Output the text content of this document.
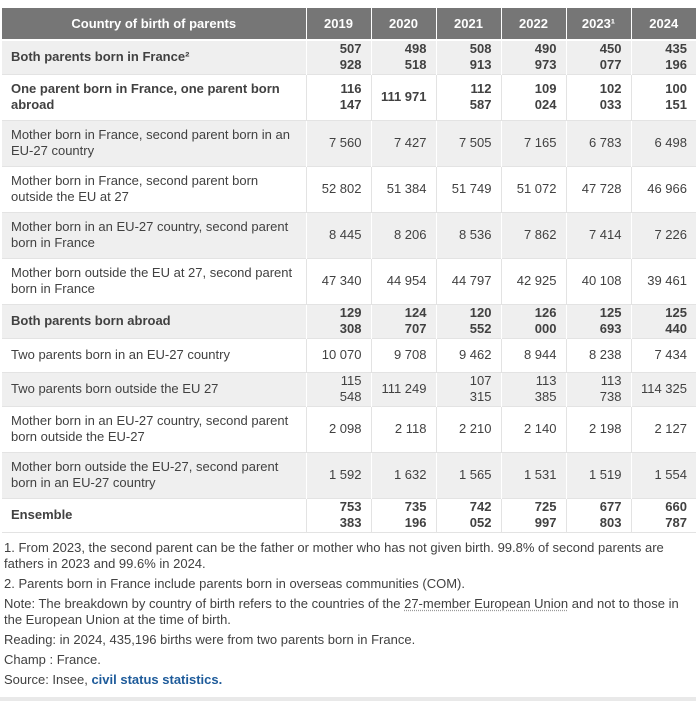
Country of birth of parents	2019	2020	2021	2022	2023¹	2024
Both parents born in France²	507 928	498 518	508 913	490 973	450 077	435 196
One parent born in France, one parent born abroad	116 147	111 971	112 587	109 024	102 033	100 151
Mother born in France, second parent born in an EU-27 country	7 560	7 427	7 505	7 165	6 783	6 498
Mother born in France, second parent born outside the EU at 27	52 802	51 384	51 749	51 072	47 728	46 966
Mother born in an EU-27 country, second parent born in France	8 445	8 206	8 536	7 862	7 414	7 226
Mother born outside the EU at 27, second parent born in France	47 340	44 954	44 797	42 925	40 108	39 461
Both parents born abroad	129 308	124 707	120 552	126 000	125 693	125 440
Two parents born in an EU-27 country	10 070	9 708	9 462	8 944	8 238	7 434
Two parents born outside the EU 27	115 548	111 249	107 315	113 385	113 738	114 325
Mother born in an EU-27 country, second parent born outside the EU-27	2 098	2 118	2 210	2 140	2 198	2 127
Mother born outside the EU-27, second parent born in an EU-27 country	1 592	1 632	1 565	1 531	1 519	1 554
Ensemble	753 383	735 196	742 052	725 997	677 803	660 787

1. From 2023, the second parent can be the father or mother who has not given birth. 99.8% of second parents are fathers in 2023 and 99.6% in 2024.

2. Parents born in France include parents born in overseas communities (COM).

Note: The breakdown by country of birth refers to the countries of the 27-member European Union and not to those in the European Union at the time of birth.

Reading: in 2024, 435,196 births were from two parents born in France.

Champ : France.

Source: Insee, civil status statistics.
